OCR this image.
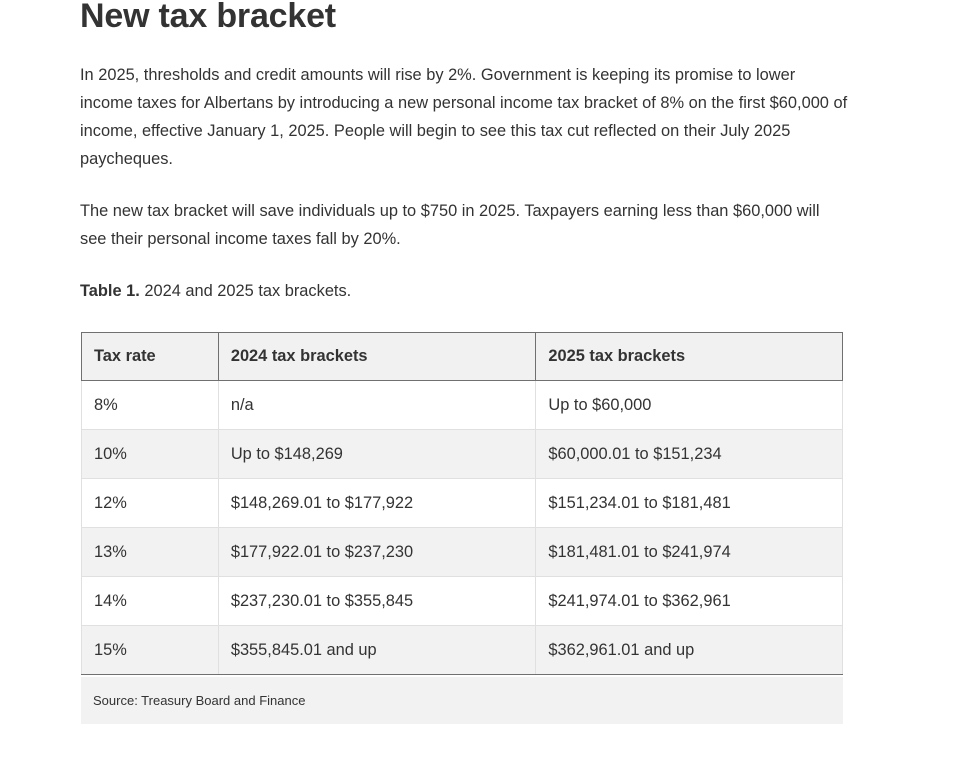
New tax bracket

In 2025, thresholds and credit amounts will rise by 2%. Government is keeping its promise to lower income taxes for Albertans by introducing a new personal income tax bracket of 8% on the first $60,000 of income, effective January 1, 2025. People will begin to see this tax cut reflected on their July 2025 paycheques.

The new tax bracket will save individuals up to $750 in 2025. Taxpayers earning less than $60,000 will see their personal income taxes fall by 20%.

Table 1. 2024 and 2025 tax brackets.
Tax rate	2024 tax brackets	2025 tax brackets
8%	n/a	Up to $60,000
10%	Up to $148,269	$60,000.01 to $151,234
12%	$148,269.01 to $177,922	$151,234.01 to $181,481
13%	$177,922.01 to $237,230	$181,481.01 to $241,974
14%	$237,230.01 to $355,845	$241,974.01 to $362,961
15%	$355,845.01 and up	$362,961.01 and up
Source: Treasury Board and Finance
